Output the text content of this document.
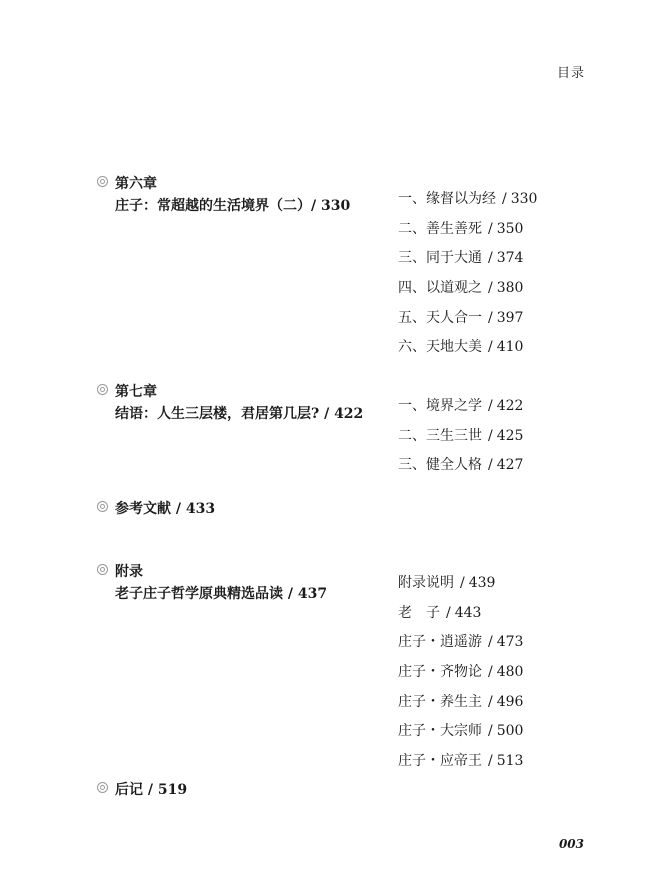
目录
第六章
庄子：常超越的生活境界（二）/ 330	一、缘督以为经 / 330
二、善生善死 / 350
三、同于大通 / 374
四、以道观之 / 380
五、天人合一 / 397
六、天地大美 / 410
第七章
结语：人生三层楼，君居第几层? / 422 一、境界之学 / 422
二、三生三世 / 425
三、健全人格 / 427
参考文献 / 433
附录
老子庄子哲学原典精选品读 / 437
附录说明 / 439
老　子 / 443
庄子・逍遥游 / 473
庄子・齐物论 / 480
庄子・养生主 / 496
庄子・大宗师 / 500
庄子・应帝王 / 513
后记 / 519
003
